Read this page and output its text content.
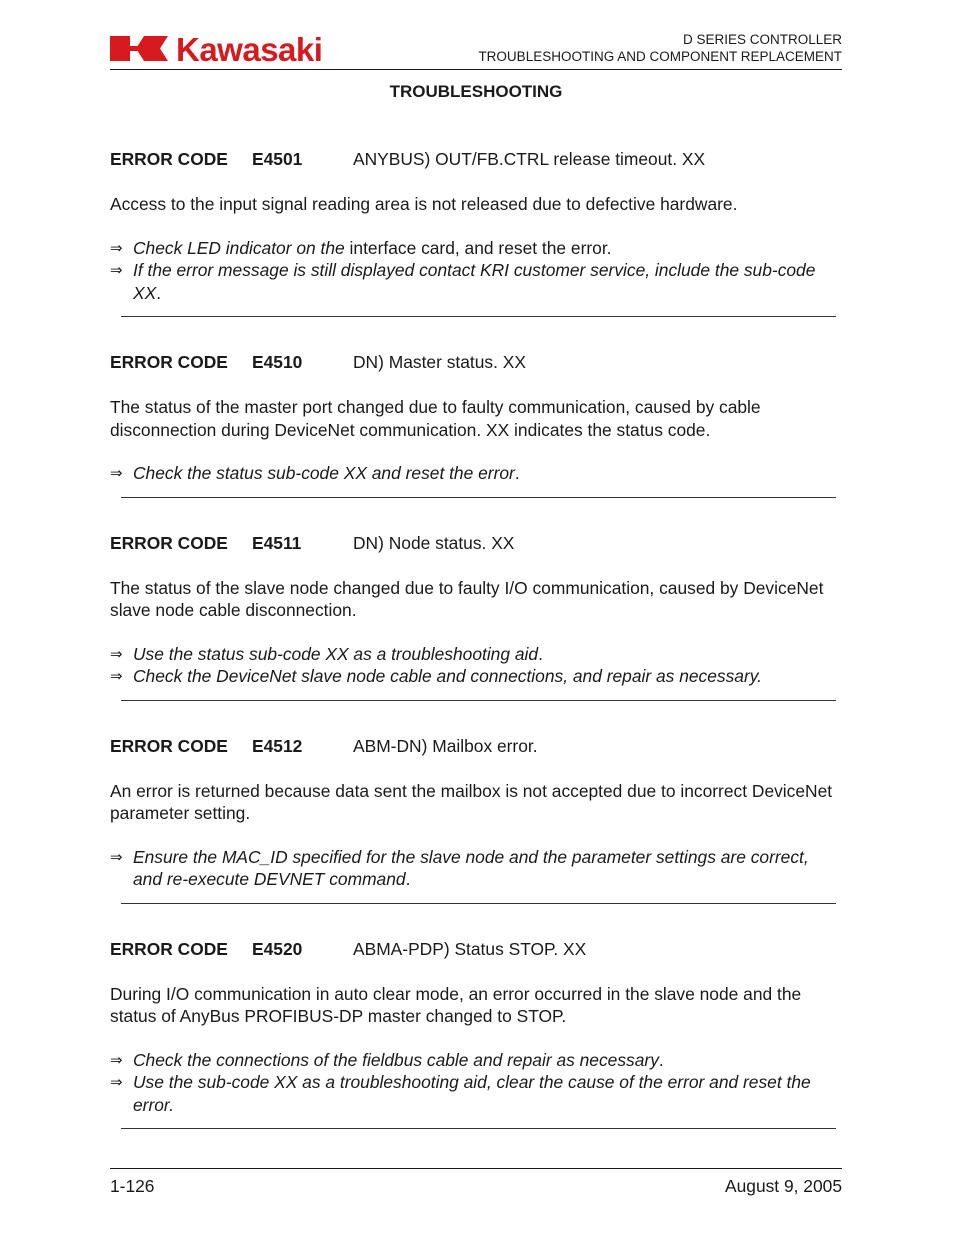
Kawasaki	D SERIES CONTROLLER
TROUBLESHOOTING AND COMPONENT REPLACEMENT
TROUBLESHOOTING
ERROR CODE	E4501	ANYBUS) OUT/FB.CTRL release timeout. XX

Access to the input signal reading area is not released due to defective hardware.

⇒ Check LED indicator on the interface card, and reset the error.
⇒ If the error message is still displayed contact KRI customer service, include the sub-code XX.
ERROR CODE	E4510	DN) Master status. XX

The status of the master port changed due to faulty communication, caused by cable disconnection during DeviceNet communication. XX indicates the status code.

⇒ Check the status sub-code XX and reset the error.
ERROR CODE	E4511	DN) Node status. XX

The status of the slave node changed due to faulty I/O communication, caused by DeviceNet slave node cable disconnection.

⇒ Use the status sub-code XX as a troubleshooting aid.
⇒ Check the DeviceNet slave node cable and connections, and repair as necessary.
ERROR CODE	E4512	ABM-DN) Mailbox error.

An error is returned because data sent the mailbox is not accepted due to incorrect DeviceNet parameter setting.

⇒ Ensure the MAC_ID specified for the slave node and the parameter settings are correct, and re-execute DEVNET command.
ERROR CODE	E4520	ABMA-PDP) Status STOP. XX

During I/O communication in auto clear mode, an error occurred in the slave node and the status of AnyBus PROFIBUS-DP master changed to STOP.

⇒ Check the connections of the fieldbus cable and repair as necessary.
⇒ Use the sub-code XX as a troubleshooting aid, clear the cause of the error and reset the error.
1-126	August 9, 2005
